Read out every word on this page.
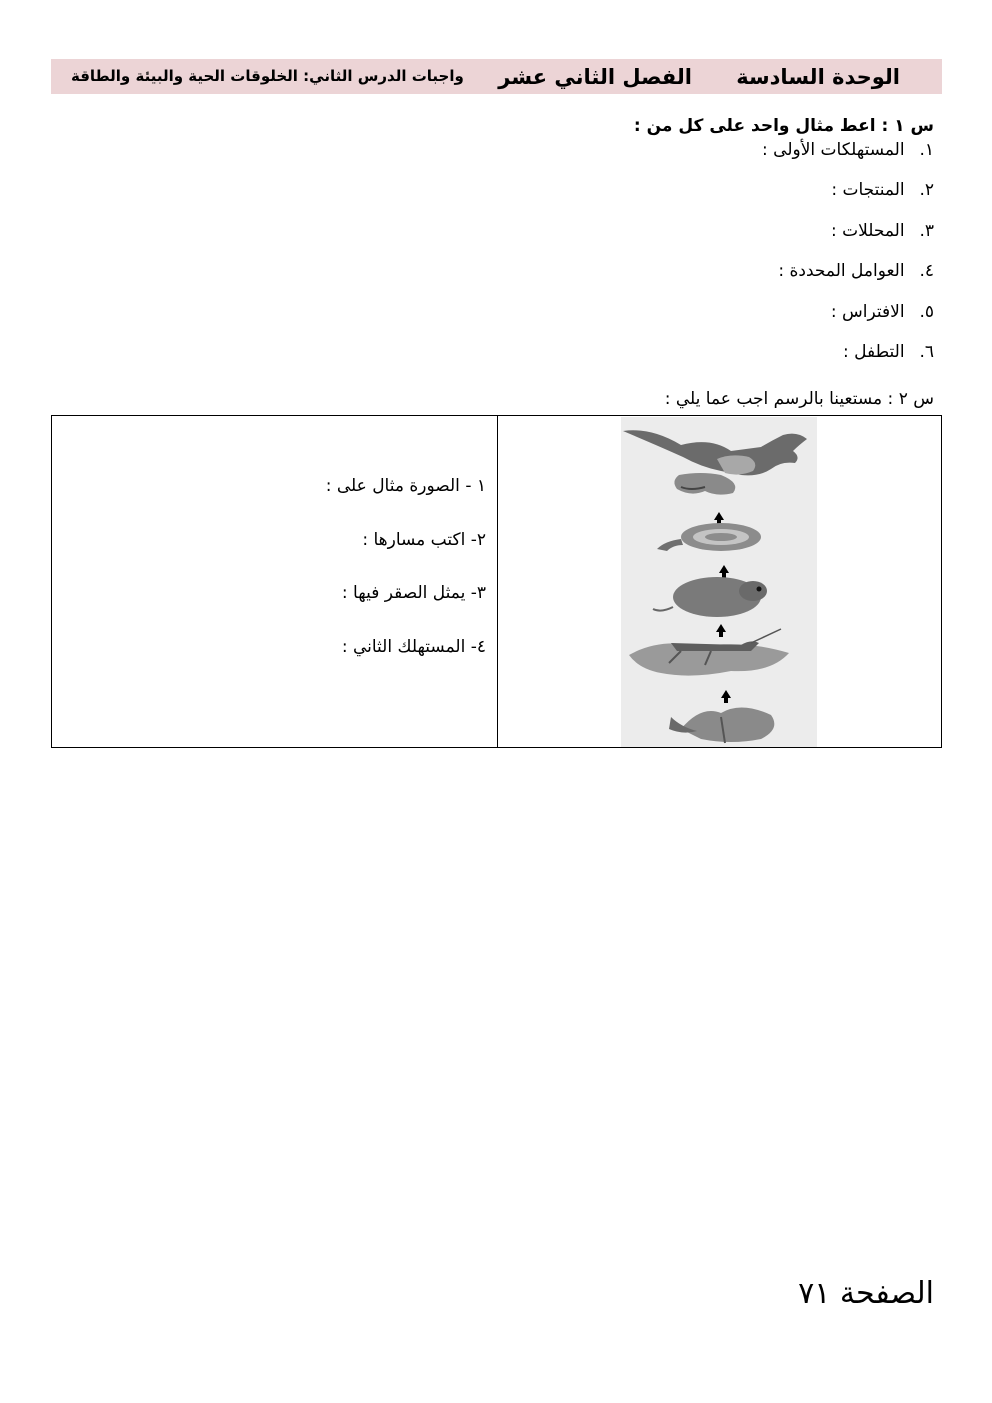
الوحدة السادسة
الفصل الثاني عشر
واجبات الدرس الثاني: الخلوقات الحية والبيئة والطاقة
س ١ : اعط مثال واحد على كل من :
١. المستهلكات الأولى :
٢. المنتجات :
٣. المحللات :
٤. العوامل المحددة :
٥. الافتراس :
٦. التطفل :
س ٢ : مستعينا بالرسم اجب عما يلي :
١ - الصورة مثال على :
٢- اكتب مسارها :
٣- يمثل الصقر فيها :
٤- المستهلك الثاني :
الصفحة ٧١
